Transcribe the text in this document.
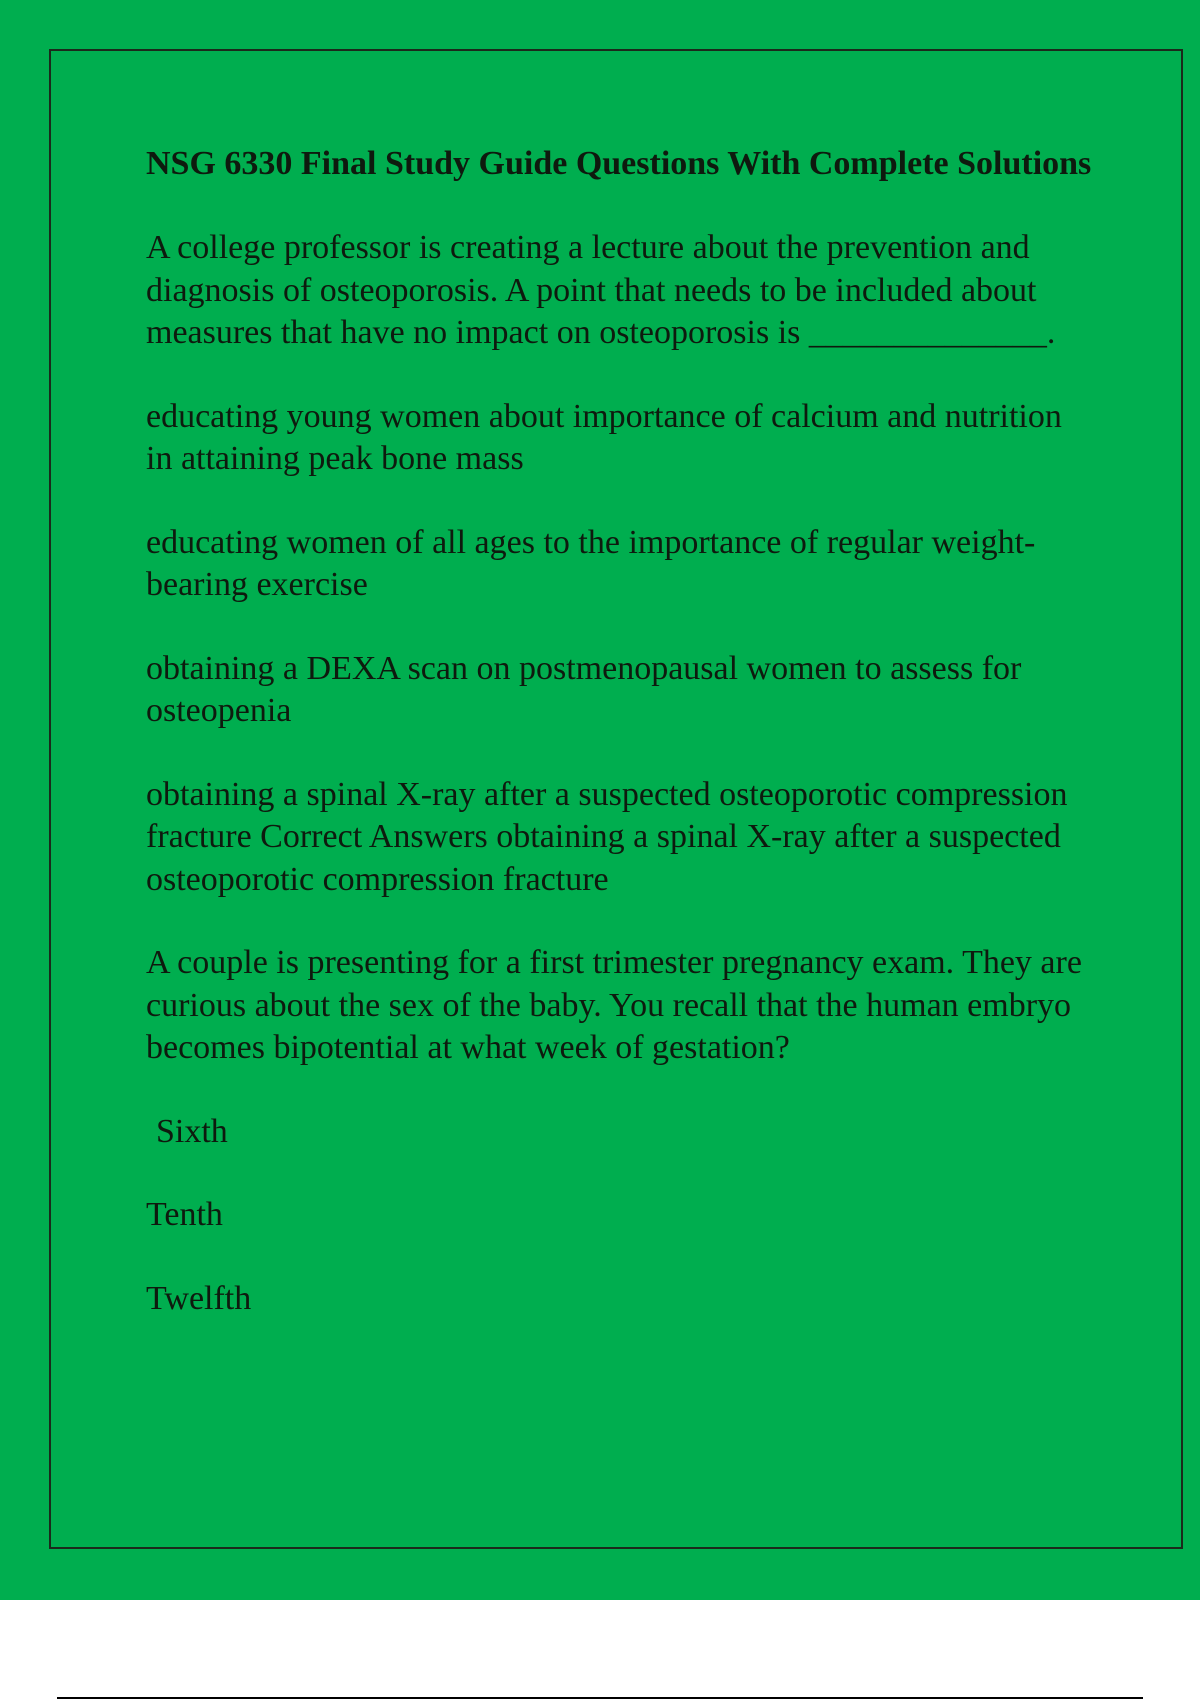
NSG 6330 Final Study Guide Questions With Complete Solutions
A college professor is creating a lecture about the prevention and diagnosis of osteoporosis. A point that needs to be included about measures that have no impact on osteoporosis is ______________.
educating young women about importance of calcium and nutrition in attaining peak bone mass
educating women of all ages to the importance of regular weight-bearing exercise
obtaining a DEXA scan on postmenopausal women to assess for osteopenia
obtaining a spinal X-ray after a suspected osteoporotic compression fracture Correct Answers obtaining a spinal X-ray after a suspected osteoporotic compression fracture
A couple is presenting for a first trimester pregnancy exam. They are curious about the sex of the baby. You recall that the human embryo becomes bipotential at what week of gestation?
Sixth
Tenth
Twelfth
